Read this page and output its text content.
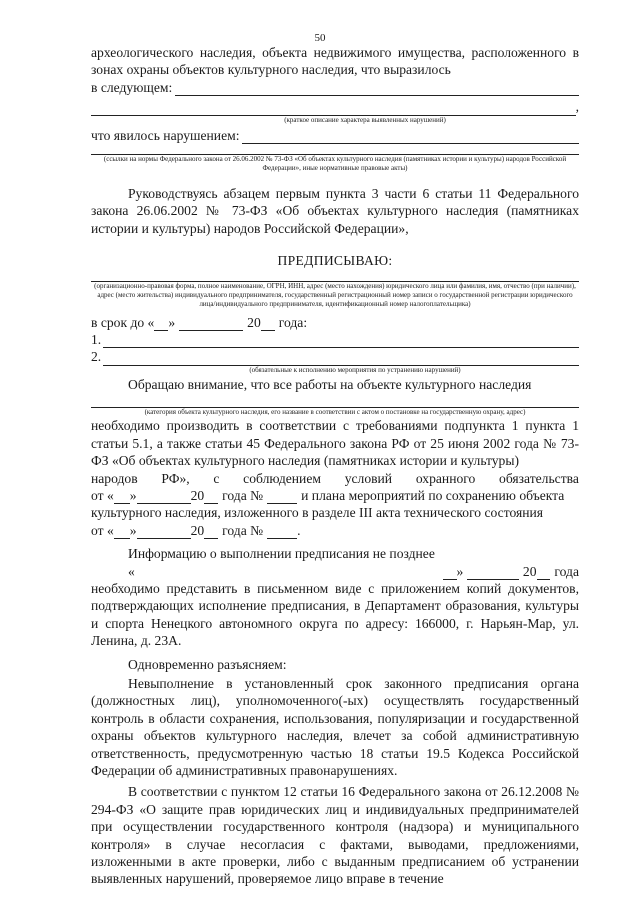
50

археологического наследия, объекта недвижимого имущества, расположенного в зонах охраны объектов культурного наследия, что выразилось

в следующем:
,

(краткое описание характера выявленных нарушений)

что явилось нарушением:

(ссылки на нормы Федерального закона от 26.06.2002 № 73-ФЗ «Об объектах культурного наследия (памятниках истории и культуры) народов Российской Федерации», иные нормативные правовые акты)

Руководствуясь абзацем первым пункта 3 части 6 статьи 11 Федерального закона 26.06.2002 № 73-ФЗ «Об объектах культурного наследия (памятниках истории и культуры) народов Российской Федерации»,

ПРЕДПИСЫВАЮ:

(организационно-правовая форма, полное наименование, ОГРН, ИНН, адрес (место нахождения) юридического лица или фамилия, имя, отчество (при наличии), адрес (место жительства) индивидуального предпринимателя, государственный регистрационный номер записи о государственной регистрации юридического лица/индивидуального предпринимателя, идентификационный номер налогоплательщика)

в срок до « »	20 года:
1.
2.

(обязательные к исполнению мероприятия по устранению нарушений)

Обращаю внимание, что все работы на объекте культурного наследия

(категория объекта культурного наследия, его название в соответствии с актом о постановке на государственную охрану, адрес)

необходимо производить в соответствии с требованиями подпункта 1 пункта 1 статьи 5.1, а также статьи 45 Федерального закона РФ от 25 июня 2002 года № 73-ФЗ «Об объектах культурного наследия (памятниках истории и культуры)

народов РФ», с соблюдением условий охранного обязательства
от « »	20 года №	и плана мероприятий по сохранению объекта
культурного наследия, изложенного в разделе III акта технического состояния
от « »	20 года №	.
Информацию о выполнении предписания не позднее «	»	20 года

необходимо представить в письменном виде с приложением копий документов, подтверждающих исполнение предписания, в Департамент образования, культуры и спорта Ненецкого автономного округа по адресу: 166000, г. Нарьян-Мар, ул. Ленина, д. 23А.

Одновременно разъясняем:

Невыполнение в установленный срок законного предписания органа (должностных лиц), уполномоченного(-ых) осуществлять государственный контроль в области сохранения, использования, популяризации и государственной охраны объектов культурного наследия, влечет за собой административную ответственность, предусмотренную частью 18 статьи 19.5 Кодекса Российской Федерации об административных правонарушениях.

В соответствии с пунктом 12 статьи 16 Федерального закона от 26.12.2008 № 294-ФЗ «О защите прав юридических лиц и индивидуальных предпринимателей при осуществлении государственного контроля (надзора) и муниципального контроля» в случае несогласия с фактами, выводами, предложениями, изложенными в акте проверки, либо с выданным предписанием об устранении выявленных нарушений, проверяемое лицо вправе в течение
